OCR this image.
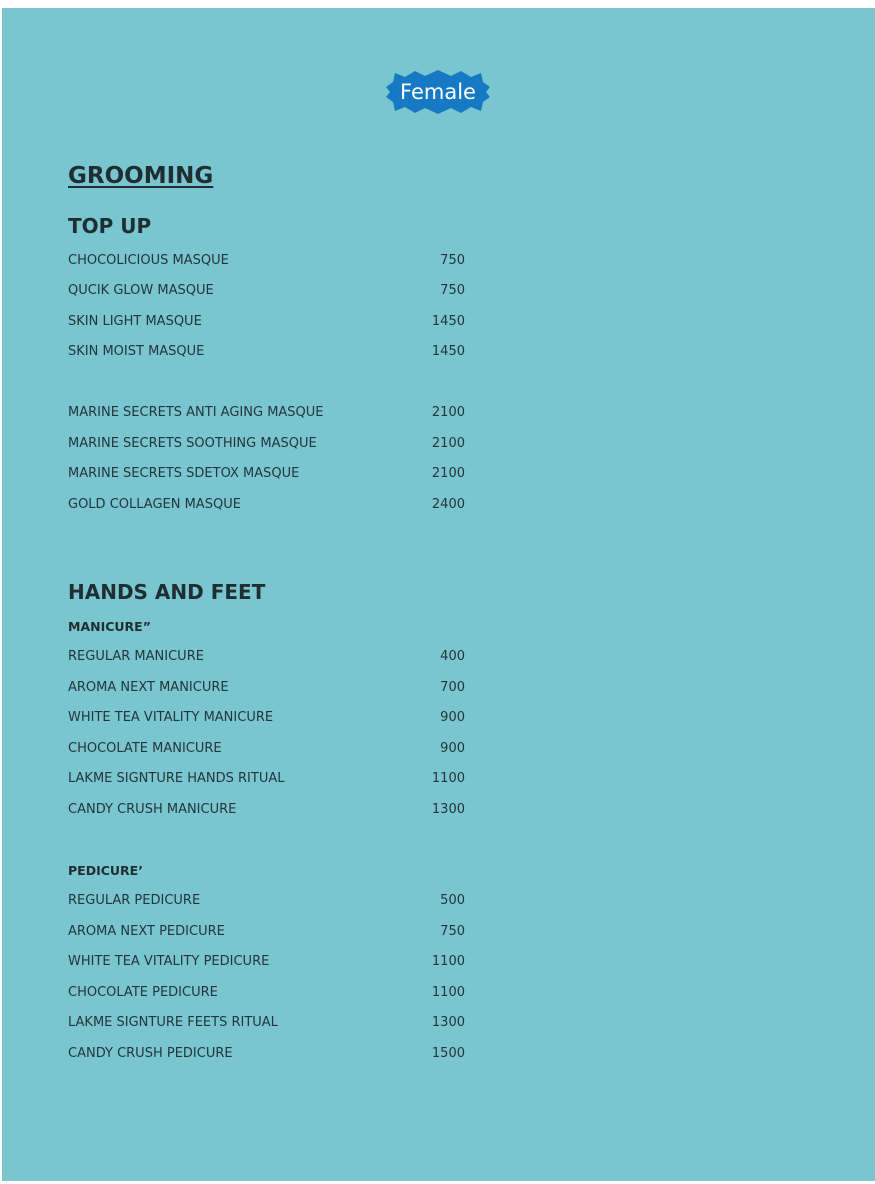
Female
GROOMING
TOP UP
CHOCOLICIOUS MASQUE	750
QUCIK GLOW MASQUE	750
SKIN LIGHT MASQUE	1450
SKIN MOIST MASQUE	1450
MARINE SECRETS ANTI AGING MASQUE	2100
MARINE SECRETS SOOTHING MASQUE	2100
MARINE SECRETS SDETOX MASQUE	2100
GOLD COLLAGEN MASQUE	2400
HANDS AND FEET
MANICURE”
REGULAR MANICURE	400
AROMA NEXT MANICURE	700
WHITE TEA VITALITY MANICURE	900
CHOCOLATE MANICURE	900
LAKME SIGNTURE HANDS RITUAL	1100
CANDY CRUSH MANICURE	1300
PEDICURE’
REGULAR PEDICURE	500
AROMA NEXT PEDICURE	750
WHITE TEA VITALITY PEDICURE	1100
CHOCOLATE PEDICURE	1100
LAKME SIGNTURE FEETS RITUAL	1300
CANDY CRUSH PEDICURE	1500
